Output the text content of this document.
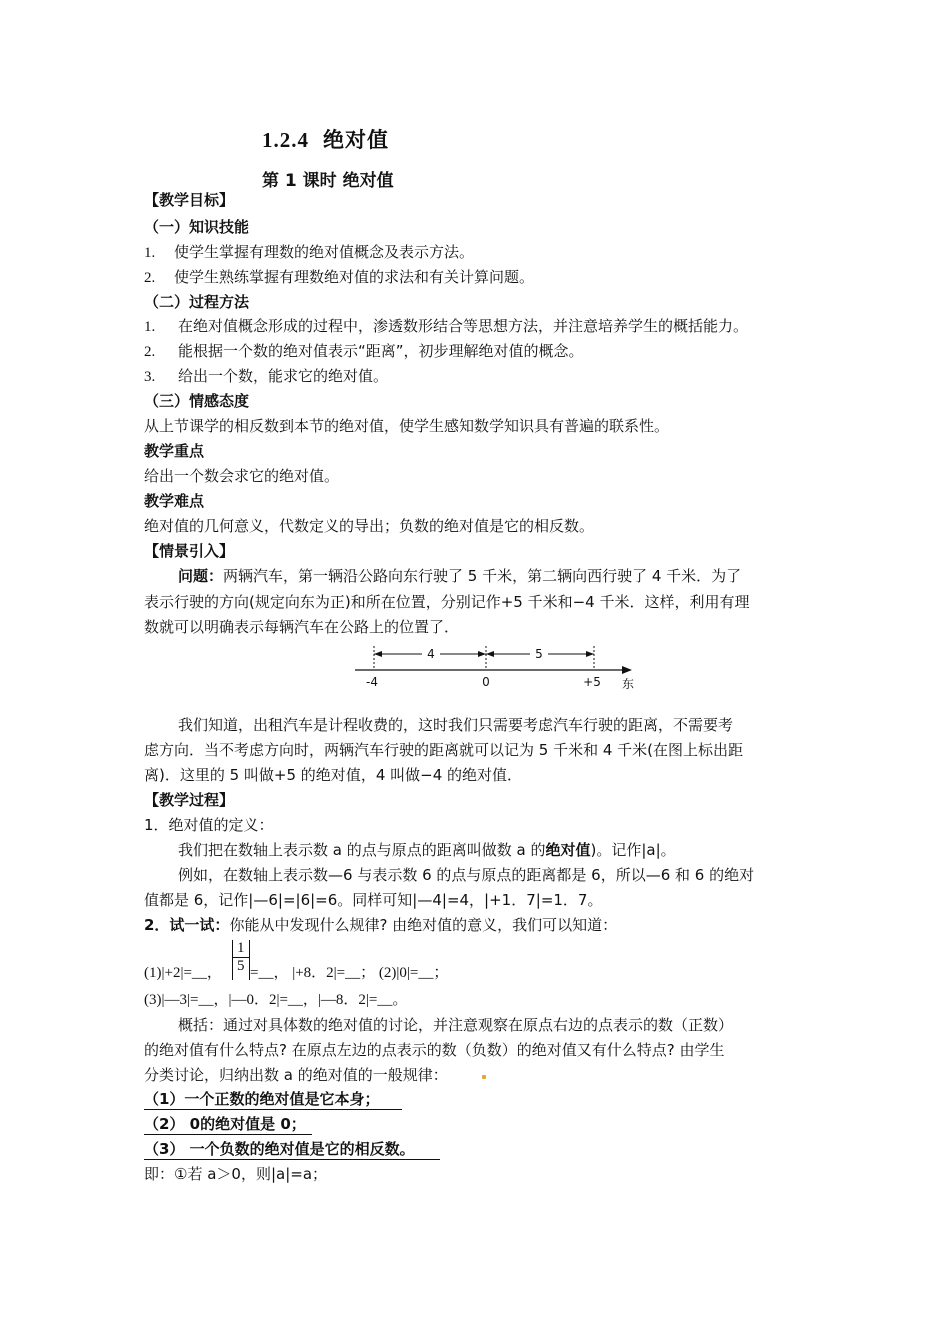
1.2.4 绝对值
第 1 课时 绝对值
【教学目标】
（一）知识技能
1. 使学生掌握有理数的绝对值概念及表示方法。
2. 使学生熟练掌握有理数绝对值的求法和有关计算问题。
（二）过程方法
1. 在绝对值概念形成的过程中，渗透数形结合等思想方法，并注意培养学生的概括能力。
2. 能根据一个数的绝对值表示“距离”，初步理解绝对值的概念。
3. 给出一个数，能求它的绝对值。
（三）情感态度
从上节课学的相反数到本节的绝对值，使学生感知数学知识具有普遍的联系性。
教学重点
给出一个数会求它的绝对值。
教学难点
绝对值的几何意义，代数定义的导出；负数的绝对值是它的相反数。
【情景引入】
问题：两辆汽车，第一辆沿公路向东行驶了 5 千米，第二辆向西行驶了 4 千米．为了
表示行驶的方向(规定向东为正)和所在位置，分别记作+5 千米和−4 千米．这样，利用有理
数就可以明确表示每辆汽车在公路上的位置了．
4	5
-4	0	+5 东
我们知道，出租汽车是计程收费的，这时我们只需要考虑汽车行驶的距离，不需要考
虑方向．当不考虑方向时，两辆汽车行驶的距离就可以记为 5 千米和 4 千米(在图上标出距
离)．这里的 5 叫做+5 的绝对值，4 叫做−4 的绝对值．
【教学过程】
1．绝对值的定义：
我们把在数轴上表示数 a 的点与原点的距离叫做数 a 的绝对值)。记作|a|。
例如，在数轴上表示数—6 与表示数 6 的点与原点的距离都是 6，所以—6 和 6 的绝对
值都是 6，记作|—6|=|6|=6。同样可知|—4|=4，|+1．7|=1．7。
2．试一试：你能从中发现什么规律? 由绝对值的意义，我们可以知道：
(1)|+2|=__， $\frac{1}{5}$ =__， |+8．2|=__； (2)|0|=__；
(3)|—3|=__，|—0．2|=__，|—8．2|=__。
概括：通过对具体数的绝对值的讨论，并注意观察在原点右边的点表示的数（正数）
的绝对值有什么特点? 在原点左边的点表示的数（负数）的绝对值又有什么特点? 由学生
分类讨论，归纳出数 a 的绝对值的一般规律：
（1）一个正数的绝对值是它本身；
（2） 0的绝对值是 0；
（3） 一个负数的绝对值是它的相反数。
即：①若 a＞0，则|a|=a；
